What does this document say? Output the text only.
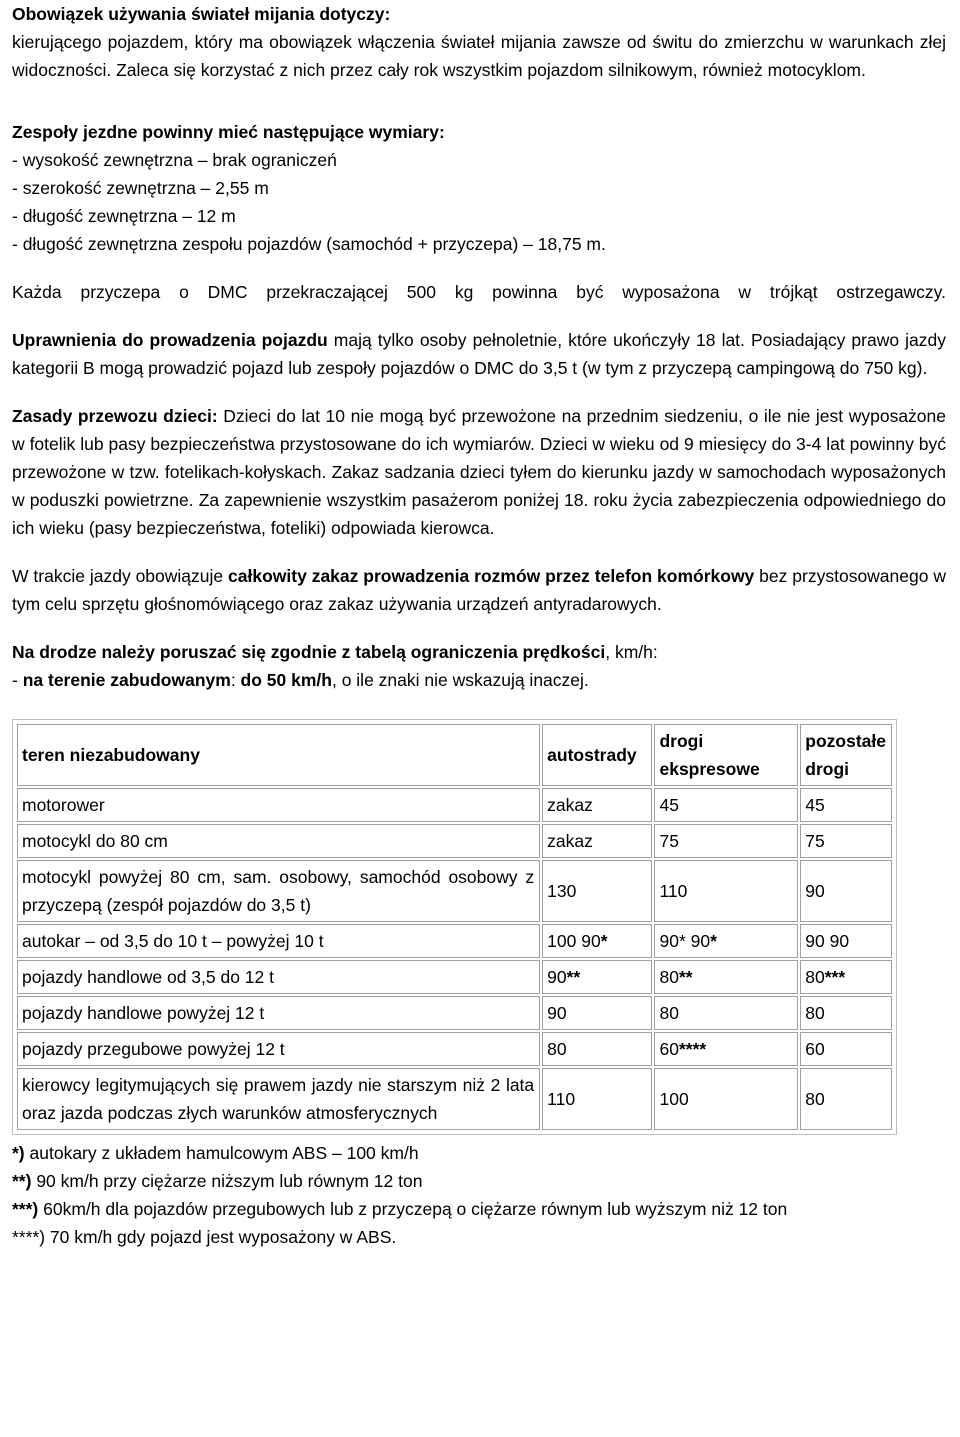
Obowiązek używania świateł mijania dotyczy:

kierującego pojazdem, który ma obowiązek włączenia świateł mijania zawsze od świtu do zmierzchu w warunkach złej widoczności. Zaleca się korzystać z nich przez cały rok wszystkim pojazdom silnikowym, również motocyklom.

Zespoły jezdne powinny mieć następujące wymiary:

- wysokość zewnętrzna – brak ograniczeń

- szerokość zewnętrzna – 2,55 m

- długość zewnętrzna – 12 m

- długość zewnętrzna zespołu pojazdów (samochód + przyczepa) – 18,75 m.

Każda przyczepa o DMC przekraczającej 500 kg powinna być wyposażona w trójkąt ostrzegawczy.

Uprawnienia do prowadzenia pojazdu mają tylko osoby pełnoletnie, które ukończyły 18 lat. Posiadający prawo jazdy kategorii B mogą prowadzić pojazd lub zespoły pojazdów o DMC do 3,5 t (w tym z przyczepą campingową do 750 kg).

Zasady przewozu dzieci: Dzieci do lat 10 nie mogą być przewożone na przednim siedzeniu, o ile nie jest wyposażone w fotelik lub pasy bezpieczeństwa przystosowane do ich wymiarów. Dzieci w wieku od 9 miesięcy do 3-4 lat powinny być przewożone w tzw. fotelikach-kołyskach. Zakaz sadzania dzieci tyłem do kierunku jazdy w samochodach wyposażonych w poduszki powietrzne. Za zapewnienie wszystkim pasażerom poniżej 18. roku życia zabezpieczenia odpowiedniego do ich wieku (pasy bezpieczeństwa, foteliki) odpowiada kierowca.

W trakcie jazdy obowiązuje całkowity zakaz prowadzenia rozmów przez telefon komórkowy bez przystosowanego w tym celu sprzętu głośnomówiącego oraz zakaz używania urządzeń antyradarowych.

Na drodze należy poruszać się zgodnie z tabelą ograniczenia prędkości, km/h:

- na terenie zabudowanym: do 50 km/h, o ile znaki nie wskazują inaczej.

teren niezabudowany	autostrady	drogi ekspresowe	pozostałe drogi
motorower	zakaz	45	45
motocykl do 80 cm	zakaz	75	75
motocykl powyżej 80 cm, sam. osobowy, samochód osobowy z przyczepą (zespół pojazdów do 3,5 t)	130	110	90
autokar – od 3,5 do 10 t – powyżej 10 t	100 90*	90* 90*	90 90
pojazdy handlowe od 3,5 do 12 t	90**	80**	80***
pojazdy handlowe powyżej 12 t	90	80	80
pojazdy przegubowe powyżej 12 t	80	60****	60
kierowcy legitymujących się prawem jazdy nie starszym niż 2 lata oraz jazda podczas złych warunków atmosferycznych	110	100	80

*) autokary z układem hamulcowym ABS – 100 km/h

**) 90 km/h przy ciężarze niższym lub równym 12 ton

***) 60km/h dla pojazdów przegubowych lub z przyczepą o ciężarze równym lub wyższym niż 12 ton

****) 70 km/h gdy pojazd jest wyposażony w ABS.
